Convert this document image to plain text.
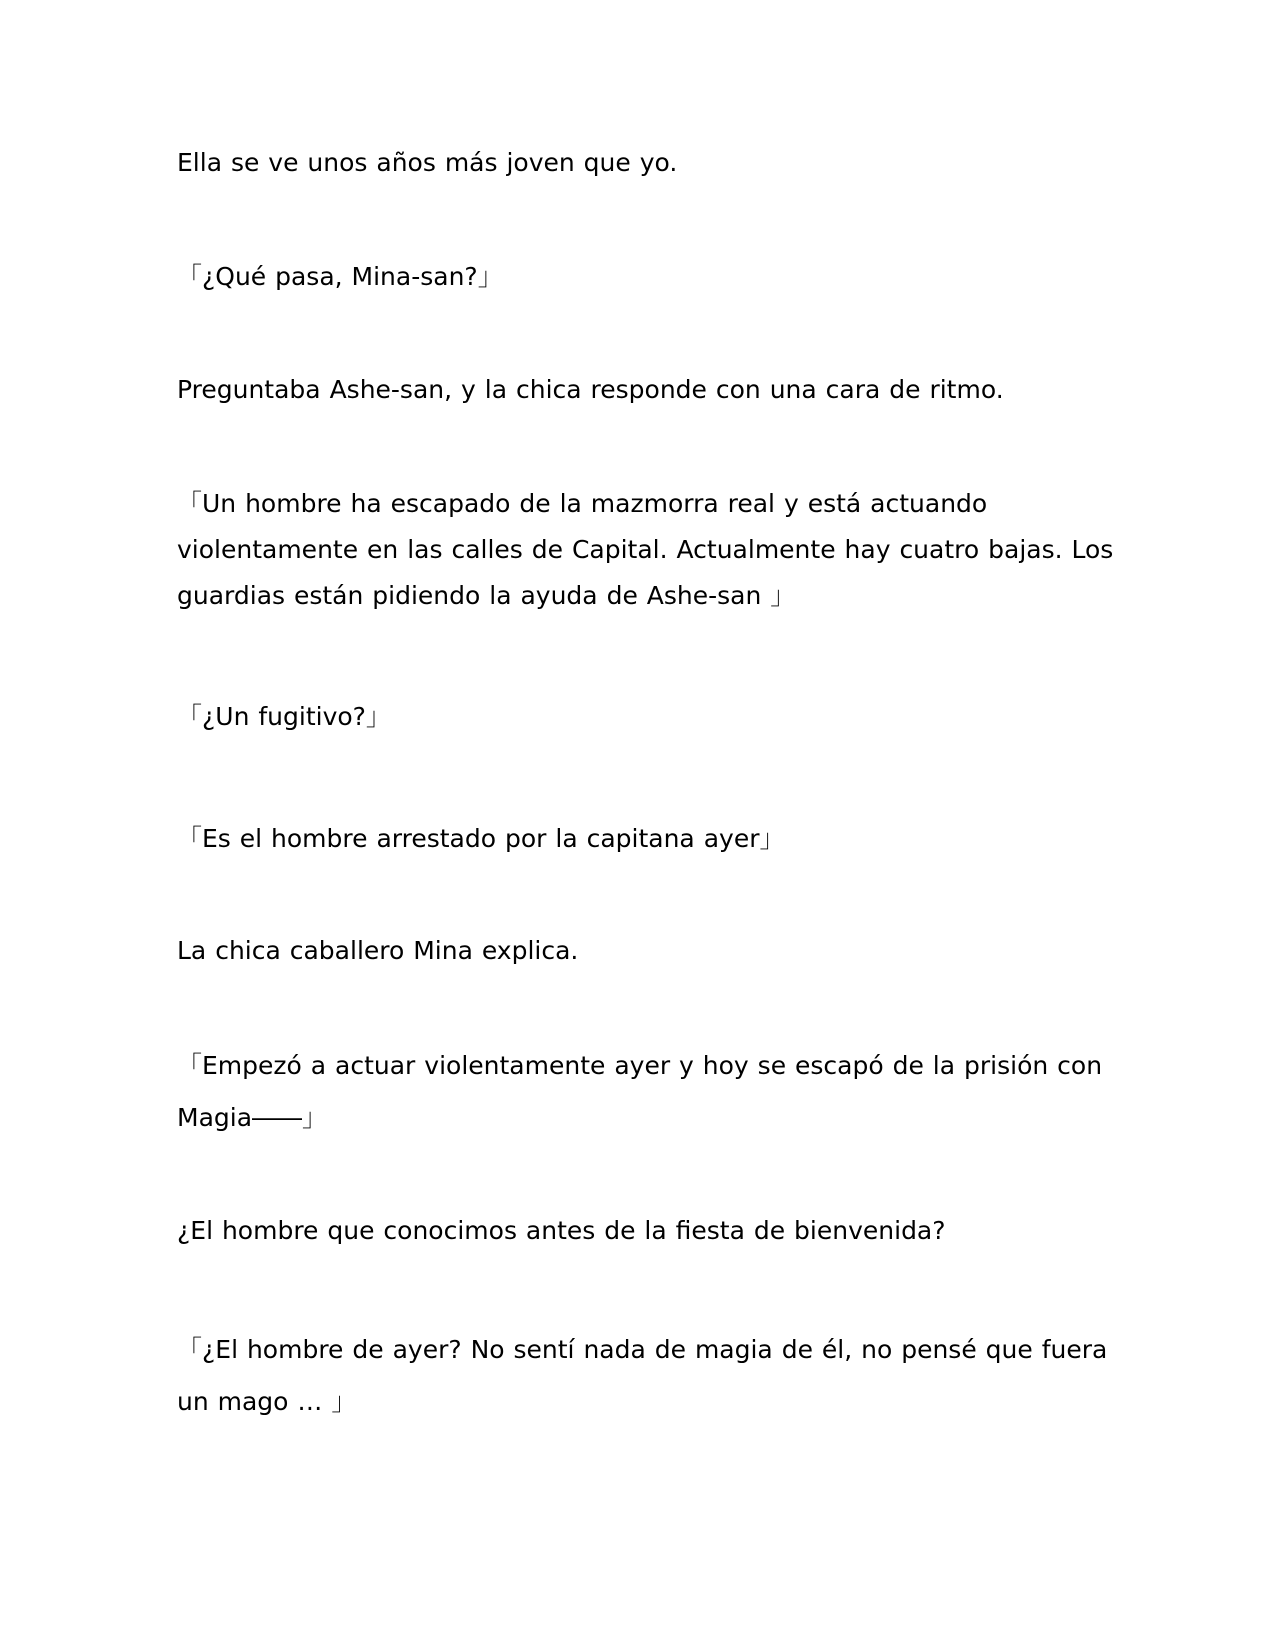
Ella se ve unos años más joven que yo.

「¿Qué pasa, Mina-san?」

Preguntaba Ashe-san, y la chica responde con una cara de ritmo.

「Un hombre ha escapado de la mazmorra real y está actuando violentamente en las calles de Capital. Actualmente hay cuatro bajas. Los guardias están pidiendo la ayuda de Ashe-san 」

「¿Un fugitivo?」

「Es el hombre arrestado por la capitana ayer」

La chica caballero Mina explica.

「Empezó a actuar violentamente ayer y hoy se escapó de la prisión con Magia――」

¿El hombre que conocimos antes de la fiesta de bienvenida?

「¿El hombre de ayer? No sentí nada de magia de él, no pensé que fuera un mago … 」
